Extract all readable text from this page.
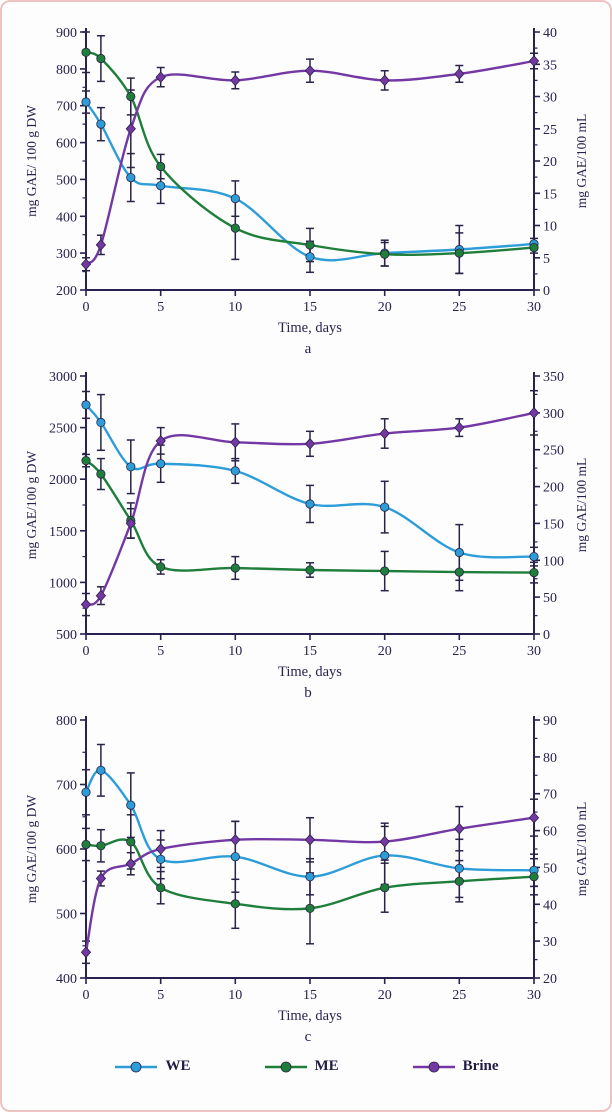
200
300
400
500
600
700
800
900
0
5
10
15
20
25
30
35
40
0	5	10	15	20	25	30
mg GAE/ 100 g DW	mg GAE/100 mL
Time, days
a
500
1000
1500
2000
2500
3000
0
50
100
150
200
250
300
350
0	5	10	15	20	25	30
mg GAE/100 g DW	mg GAE/100 mL
Time, days
b
400
500
600
700
800
20
30
40
50
60
70
80
90
0	5	10	15	20	25	30
mg GAE/100 g DW	mg GAE/100 mL
Time, days
c
WE	ME	Brine
